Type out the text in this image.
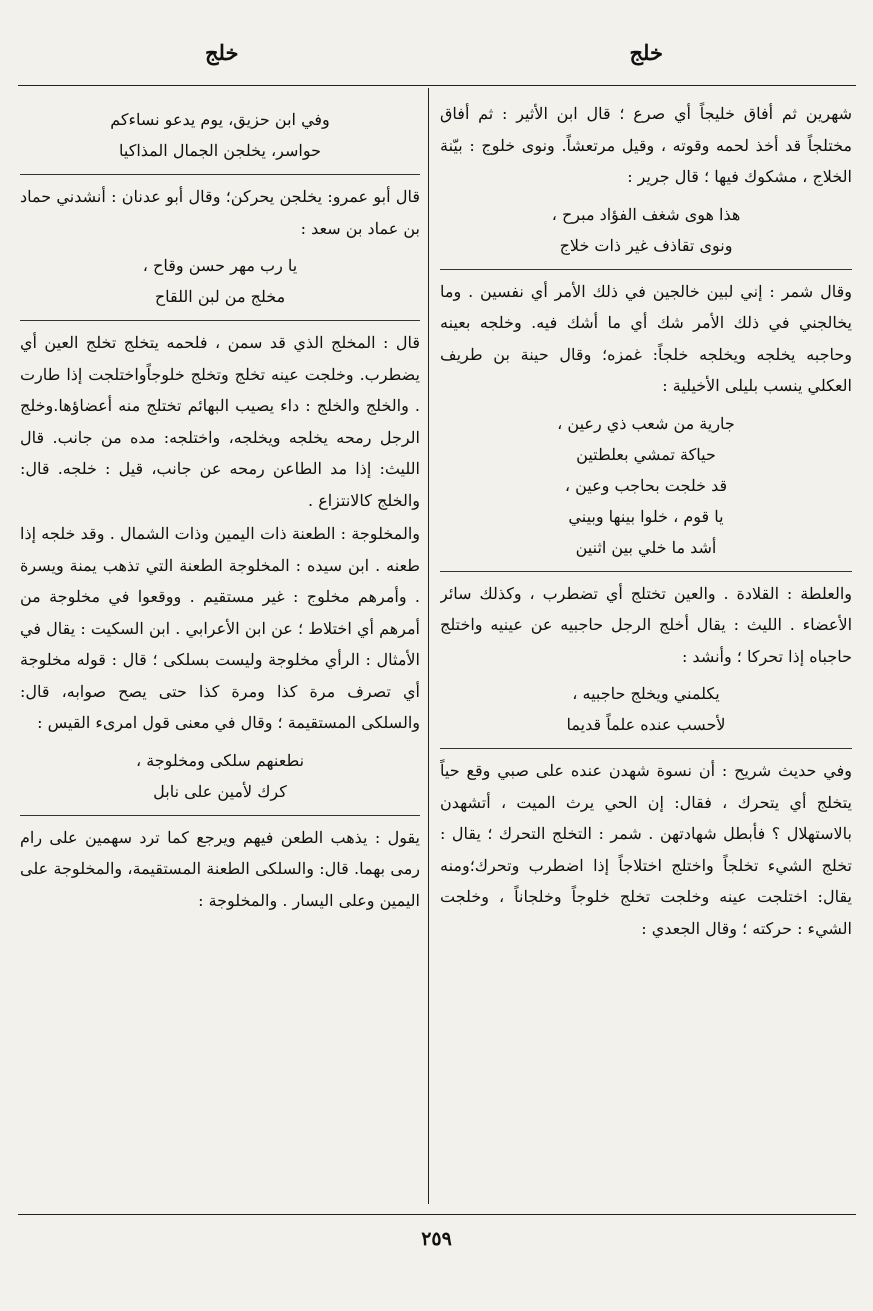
خلج
خلج

شهرين ثم أفاق خليجاً أي صرع ؛ قال ابن الأثير : ثم أفاق مختلجاً قد أخذ لحمه وقوته ، وقيل مرتعشاً. ونوى خلوج : بيّنة الخلاج ، مشكوك فيها ؛ قال جرير :

هذا هوى شغف الفؤاد مبرح ،
ونوى تقاذف غير ذات خلاج

وقال شمر : إني لبين خالجين في ذلك الأمر أي نفسين . وما يخالجني في ذلك الأمر شك أي ما أشك فيه. وخلجه بعينه وحاجبه يخلجه ويخلجه خلجاً: غمزه؛ وقال حينة بن طريف العكلي ينسب بليلى الأخيلية :

جارية من شعب ذي رعين ،
حياكة تمشي بعلطتين
قد خلجت بحاجب وعين ،
يا قوم ، خلوا بينها وبيني
أشد ما خلي بين اثنين

والعلطة : القلادة . والعين تختلج أي تضطرب ، وكذلك سائر الأعضاء . الليث : يقال أخلج الرجل حاجبيه عن عينيه واختلج حاجباه إذا تحركا ؛ وأنشد :

يكلمني ويخلج حاجبيه ،
لأحسب عنده علماً قديما

وفي حديث شريح : أن نسوة شهدن عنده على صبي وقع حياً يتخلج أي يتحرك ، فقال: إن الحي يرث الميت ، أتشهدن بالاستهلال ؟ فأبطل شهادتهن . شمر : التخلج التحرك ؛ يقال : تخلج الشيء تخلجاً واختلج اختلاجاً إذا اضطرب وتحرك؛ومنه يقال: اختلجت عينه وخلجت تخلج خلوجاً وخلجاناً ، وخلجت الشيء : حركته ؛ وقال الجعدي :

وفي ابن حزيق، يوم يدعو نساءكم
حواسر، يخلجن الجمال المذاكيا

قال أبو عمرو: يخلجن يحركن؛ وقال أبو عدنان : أنشدني حماد بن عماد بن سعد :

يا رب مهر حسن وقاح ،
مخلج من لبن اللقاح

قال : المخلج الذي قد سمن ، فلحمه يتخلج تخلج العين أي يضطرب. وخلجت عينه تخلج وتخلج خلوجاًواختلجت إذا طارت . والخلج والخلج : داء يصيب البهائم تختلج منه أعضاؤها.وخلج الرجل رمحه يخلجه ويخلجه، واختلجه: مده من جانب. قال الليث: إذا مد الطاعن رمحه عن جانب، قيل : خلجه. قال: والخلج كالانتزاع .

والمخلوجة : الطعنة ذات اليمين وذات الشمال . وقد خلجه إذا طعنه . ابن سيده : المخلوجة الطعنة التي تذهب يمنة ويسرة . وأمرهم مخلوج : غير مستقيم . ووقعوا في مخلوجة من أمرهم أي اختلاط ؛ عن ابن الأعرابي . ابن السكيت : يقال في الأمثال : الرأي مخلوجة وليست بسلكى ؛ قال : قوله مخلوجة أي تصرف مرة كذا ومرة كذا حتى يصح صوابه، قال: والسلكى المستقيمة ؛ وقال في معنى قول امرىء القيس :

نطعنهم سلكى ومخلوجة ،
كرك لأمين على نابل

يقول : يذهب الطعن فيهم ويرجع كما ترد سهمين على رام رمى بهما. قال: والسلكى الطعنة المستقيمة، والمخلوجة على اليمين وعلى اليسار . والمخلوجة :

٢٥٩
